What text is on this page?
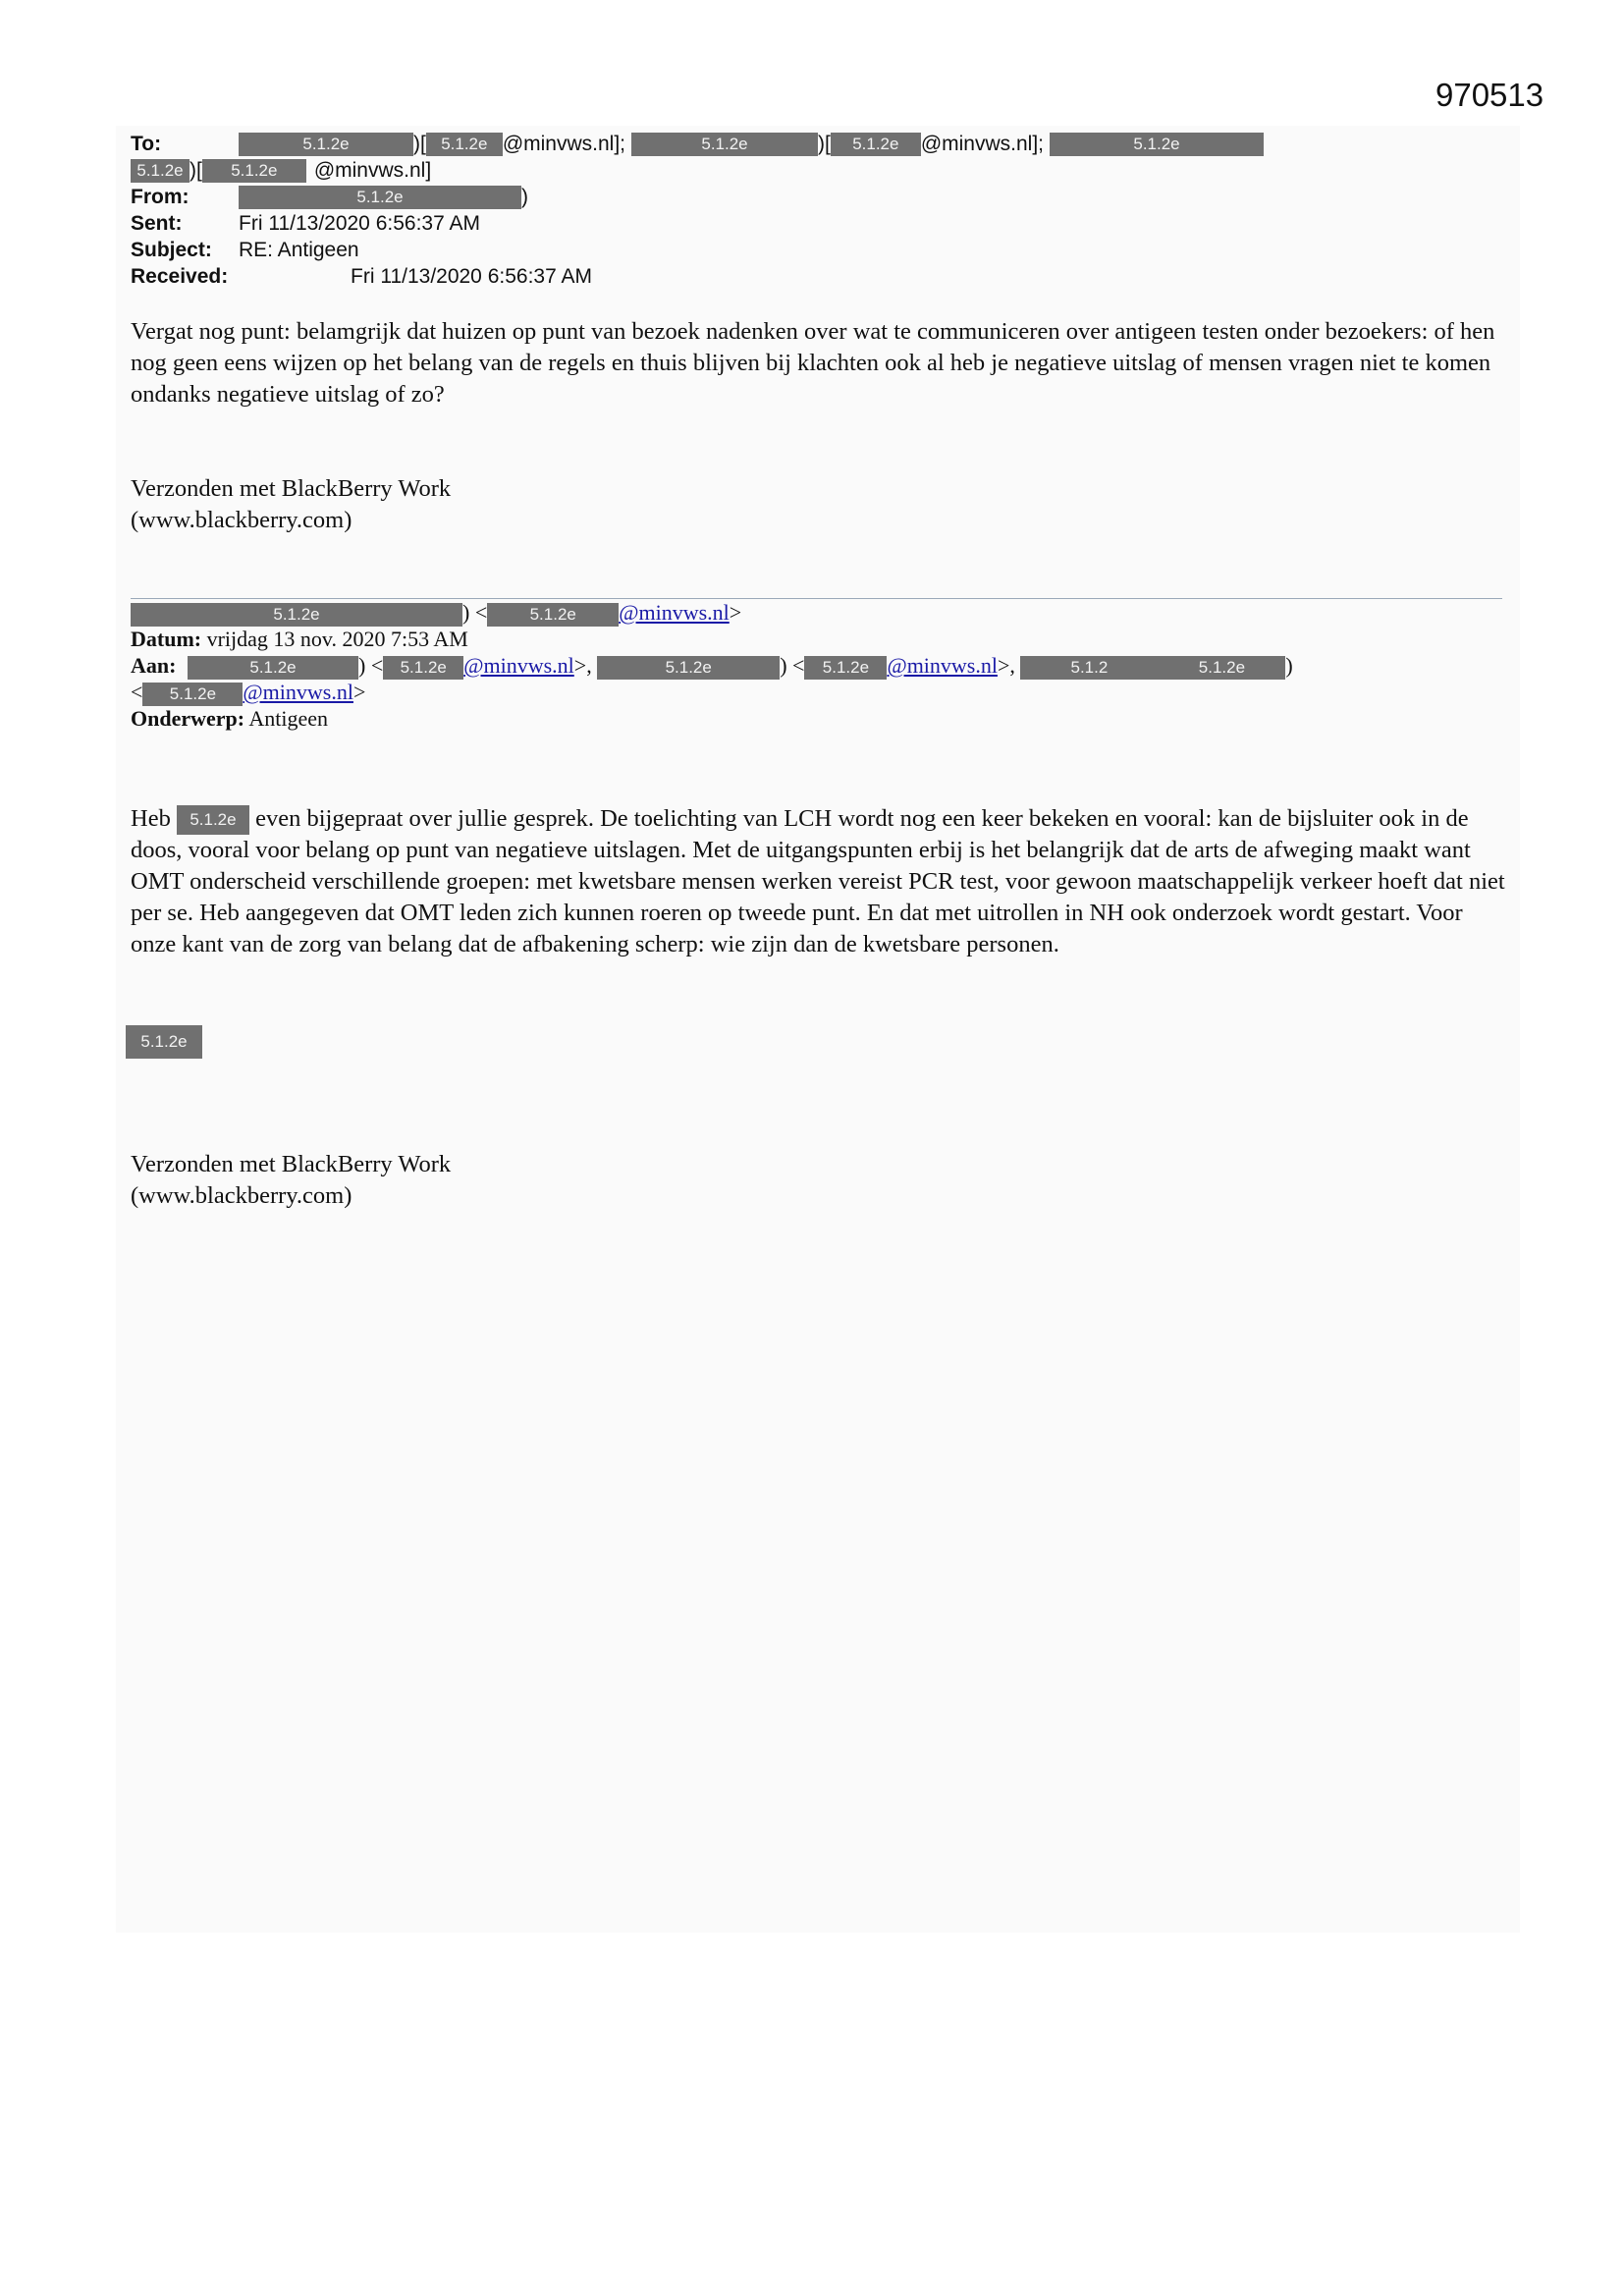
970513
To:	5.1.2e	)[ 5.1.2e @minvws.nl];	5.1.2e	)[ 5.1.2e @minvws.nl];	5.1.2e
5.1.2e )[ 5.1.2e @minvws.nl]
From:	5.1.2e	)
Sent:	Fri 11/13/2020 6:56:37 AM
Subject: RE: Antigeen
Received:	Fri 11/13/2020 6:56:37 AM
Vergat nog punt: belamgrijk dat huizen op punt van bezoek nadenken over wat te communiceren over antigeen testen onder bezoekers: of hen nog geen eens wijzen op het belang van de regels en thuis blijven bij klachten ook al heb je negatieve uitslag of mensen vragen niet te komen ondanks negatieve uitslag of zo?
Verzonden met BlackBerry Work
(www.blackberry.com)
5.1.2e	) <	5.1.2e @minvws.nl>
Datum: vrijdag 13 nov. 2020 7:53 AM
Aan:	5.1.2e	) < 5.1.2e @minvws.nl>,	5.1.2e	) < 5.1.2e @minvws.nl>,	5.1.2	5.1.2e )
< 5.1.2e @minvws.nl>
Onderwerp: Antigeen
Heb 5.1.2e even bijgepraat over jullie gesprek. De toelichting van LCH wordt nog een keer bekeken en vooral: kan de bijsluiter ook in de doos, vooral voor belang op punt van negatieve uitslagen. Met de uitgangspunten erbij is het belangrijk dat de arts de afweging maakt want OMT onderscheid verschillende groepen: met kwetsbare mensen werken vereist PCR test, voor gewoon maatschappelijk verkeer hoeft dat niet per se. Heb aangegeven dat OMT leden zich kunnen roeren op tweede punt. En dat met uitrollen in NH ook onderzoek wordt gestart. Voor onze kant van de zorg van belang dat de afbakening scherp: wie zijn dan de kwetsbare personen.
5.1.2e
Verzonden met BlackBerry Work
(www.blackberry.com)
